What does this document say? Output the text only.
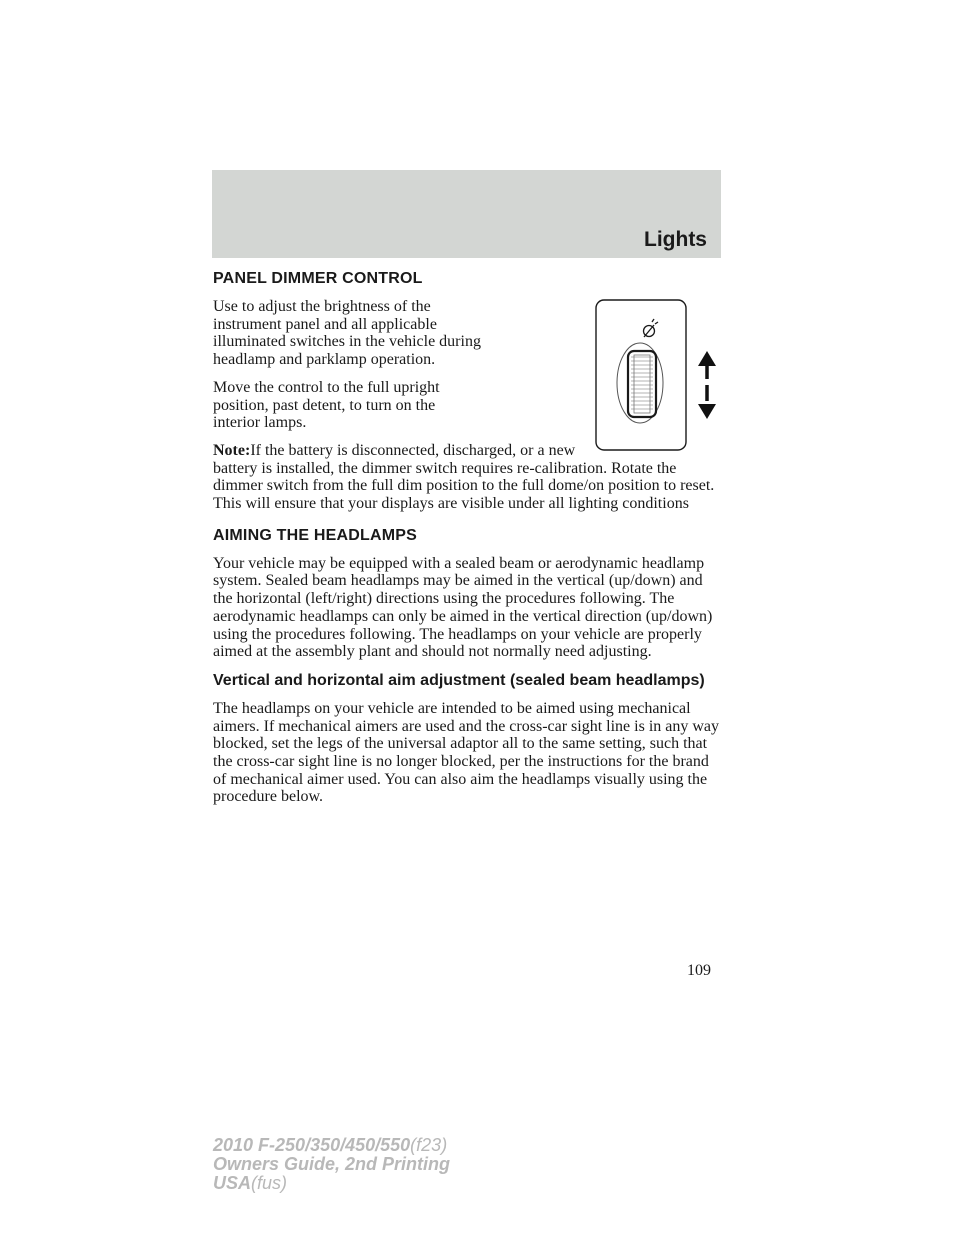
Lights
PANEL DIMMER CONTROL

Use to adjust the brightness of the instrument panel and all applicable illuminated switches in the vehicle during headlamp and parklamp operation.

Move the control to the full upright position, past detent, to turn on the interior lamps.

Note:If the battery is disconnected, discharged, or a new battery is installed, the dimmer switch requires re-calibration. Rotate the dimmer switch from the full dim position to the full dome/on position to reset. This will ensure that your displays are visible under all lighting conditions

AIMING THE HEADLAMPS

Your vehicle may be equipped with a sealed beam or aerodynamic headlamp system. Sealed beam headlamps may be aimed in the vertical (up/down) and the horizontal (left/right) directions using the procedures following. The aerodynamic headlamps can only be aimed in the vertical direction (up/down) using the procedures following. The headlamps on your vehicle are properly aimed at the assembly plant and should not normally need adjusting.

Vertical and horizontal aim adjustment (sealed beam headlamps)

The headlamps on your vehicle are intended to be aimed using mechanical aimers. If mechanical aimers are used and the cross-car sight line is in any way blocked, set the legs of the universal adaptor all to the same setting, such that the cross-car sight line is no longer blocked, per the instructions for the brand of mechanical aimer used. You can also aim the headlamps visually using the procedure below.

109
2010 F-250/350/450/550(f23)
Owners Guide, 2nd Printing
USA(fus)
